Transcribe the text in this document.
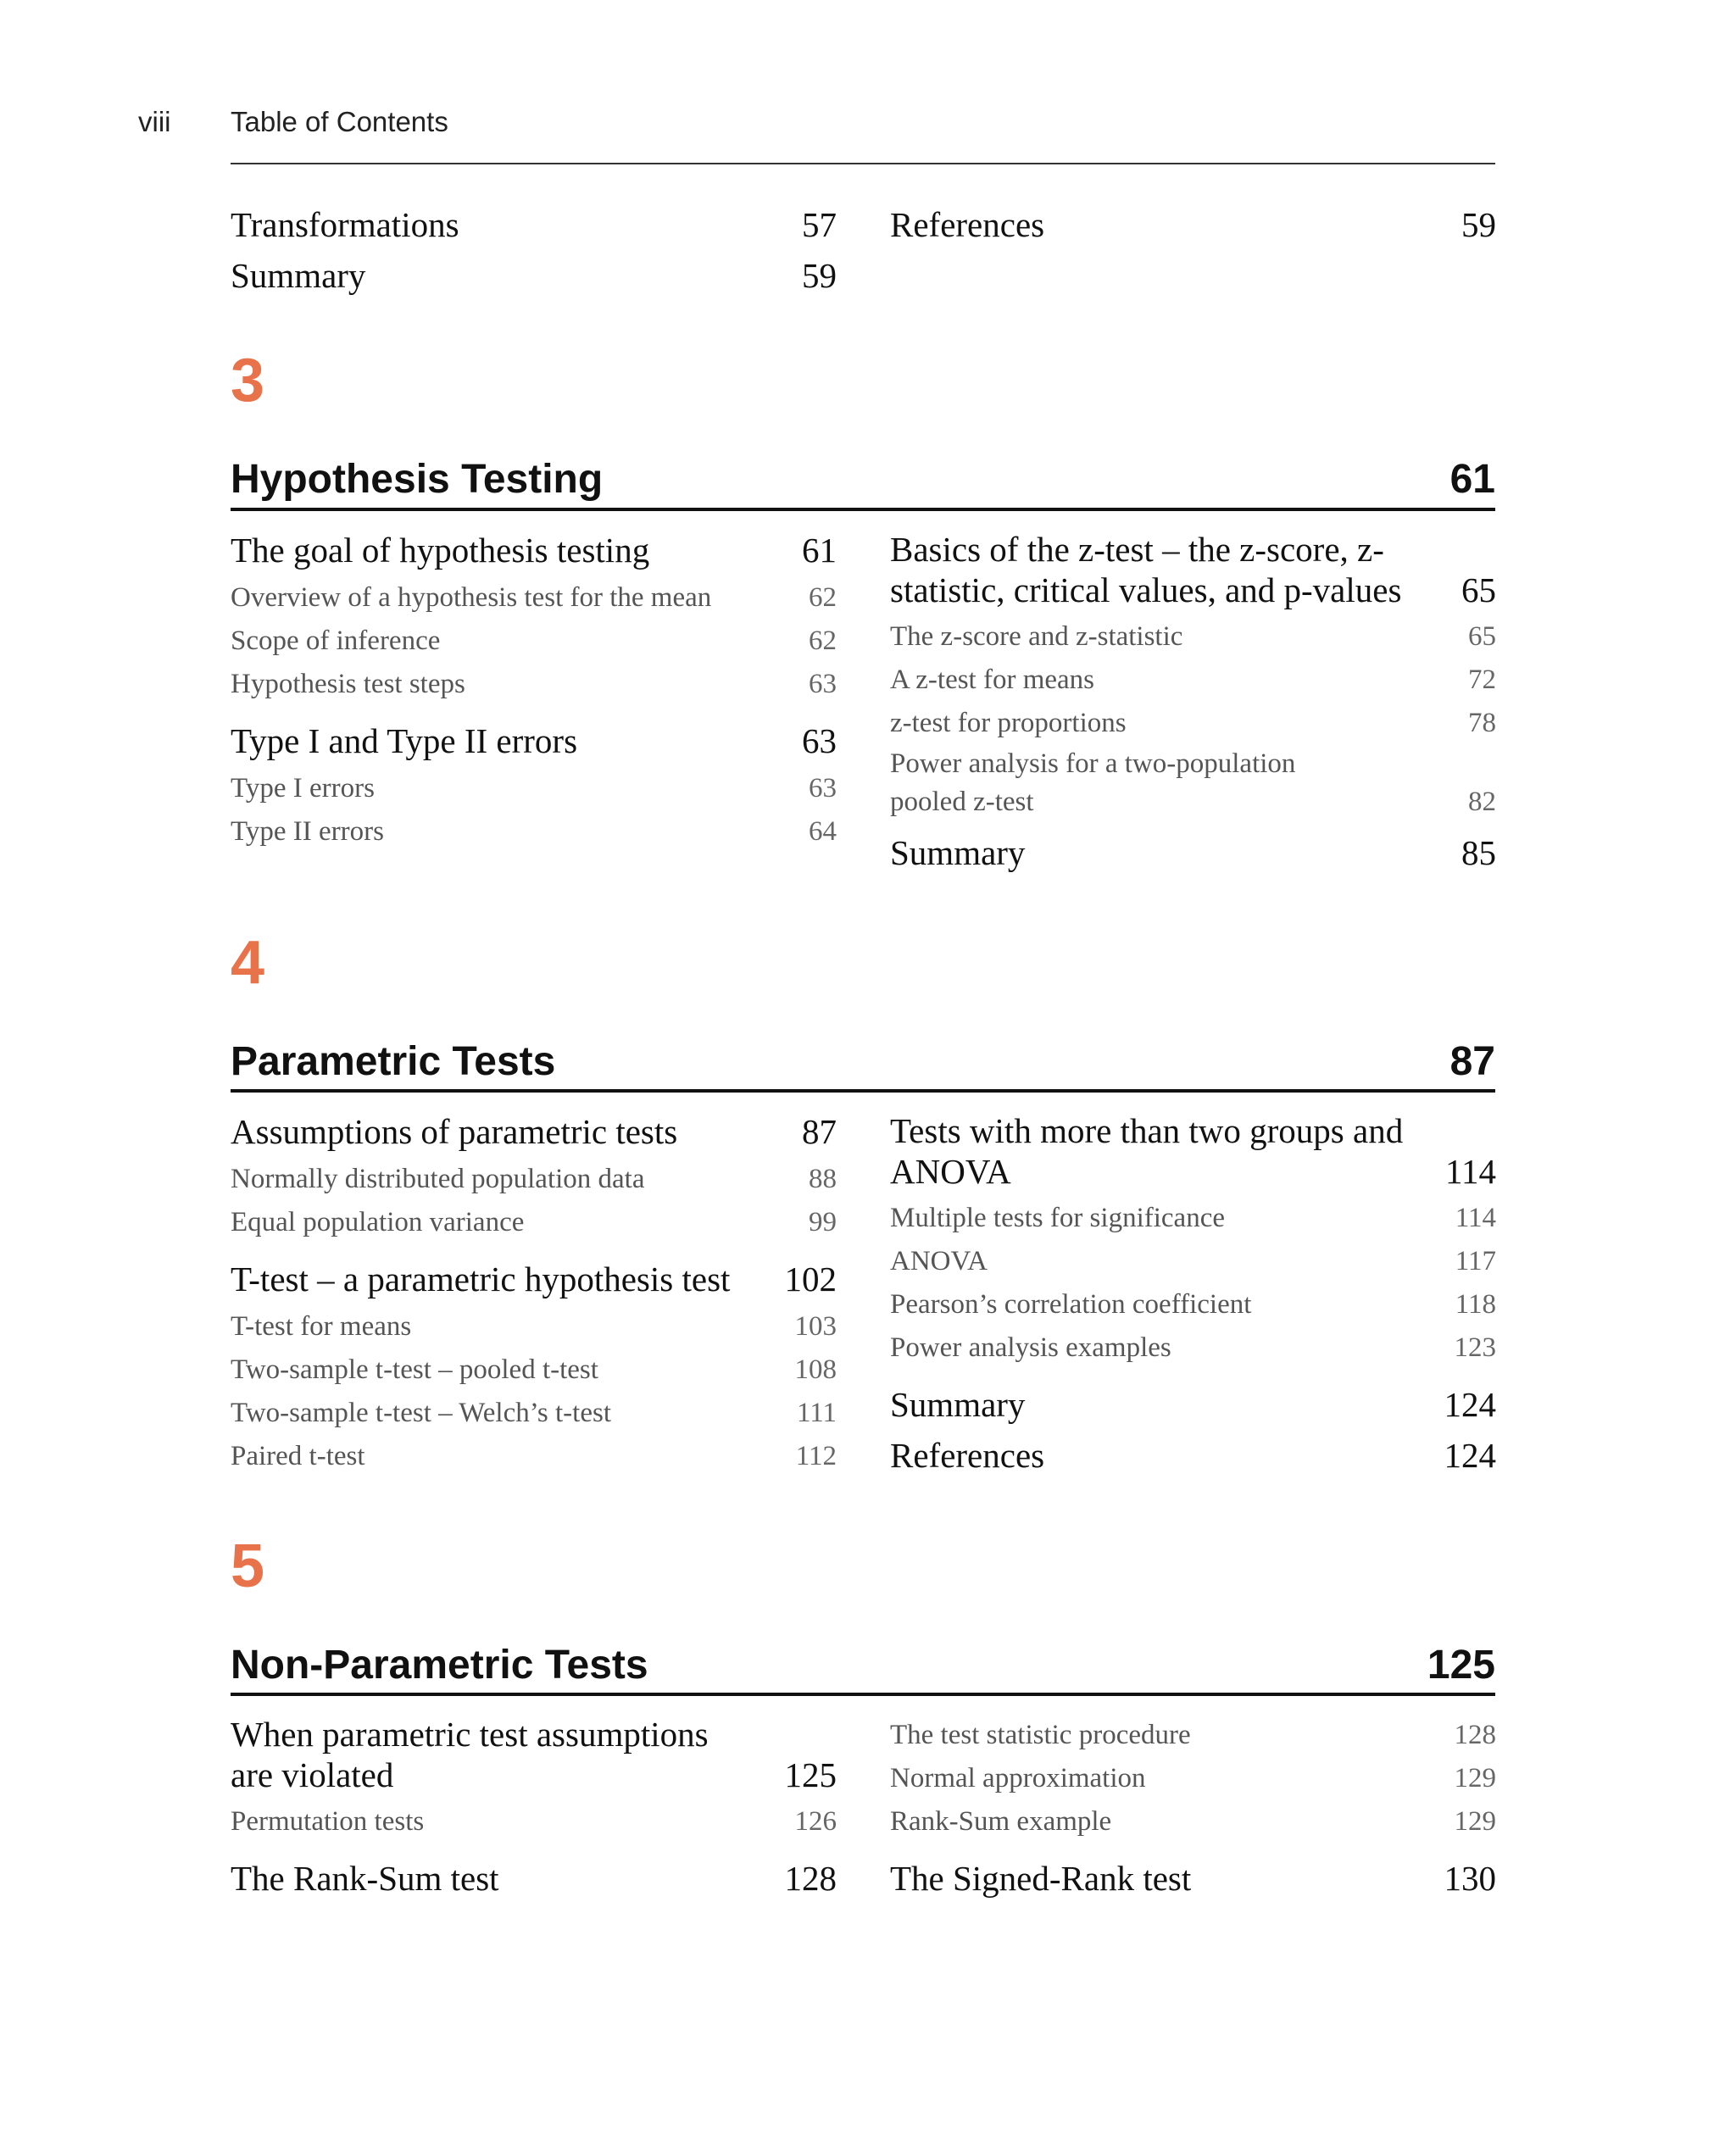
viii Table of Contents
Transformations	57
Summary	59
References	59
3
Hypothesis Testing	61
The goal of hypothesis testing	61
Overview of a hypothesis test for the mean	62
Scope of inference	62
Hypothesis test steps	63
Type I and Type II errors	63
Type I errors	63
Type II errors	64
Basics of the z-test – the z-score, z-statistic, critical values, and p-values	65
The z-score and z-statistic	65
A z-test for means	72
z-test for proportions	78
Power analysis for a two-population pooled z-test	82
Summary	85
4
Parametric Tests	87
Assumptions of parametric tests	87
Normally distributed population data	88
Equal population variance	99
T-test – a parametric hypothesis test	102
T-test for means	103
Two-sample t-test – pooled t-test	108
Two-sample t-test – Welch’s t-test	111
Paired t-test	112
Tests with more than two groups and ANOVA	114
Multiple tests for significance	114
ANOVA	117
Pearson’s correlation coefficient	118
Power analysis examples	123
Summary	124
References	124
5
Non-Parametric Tests	125
When parametric test assumptions are violated	125
Permutation tests	126
The Rank-Sum test	128
The test statistic procedure	128
Normal approximation	129
Rank-Sum example	129
The Signed-Rank test	130
